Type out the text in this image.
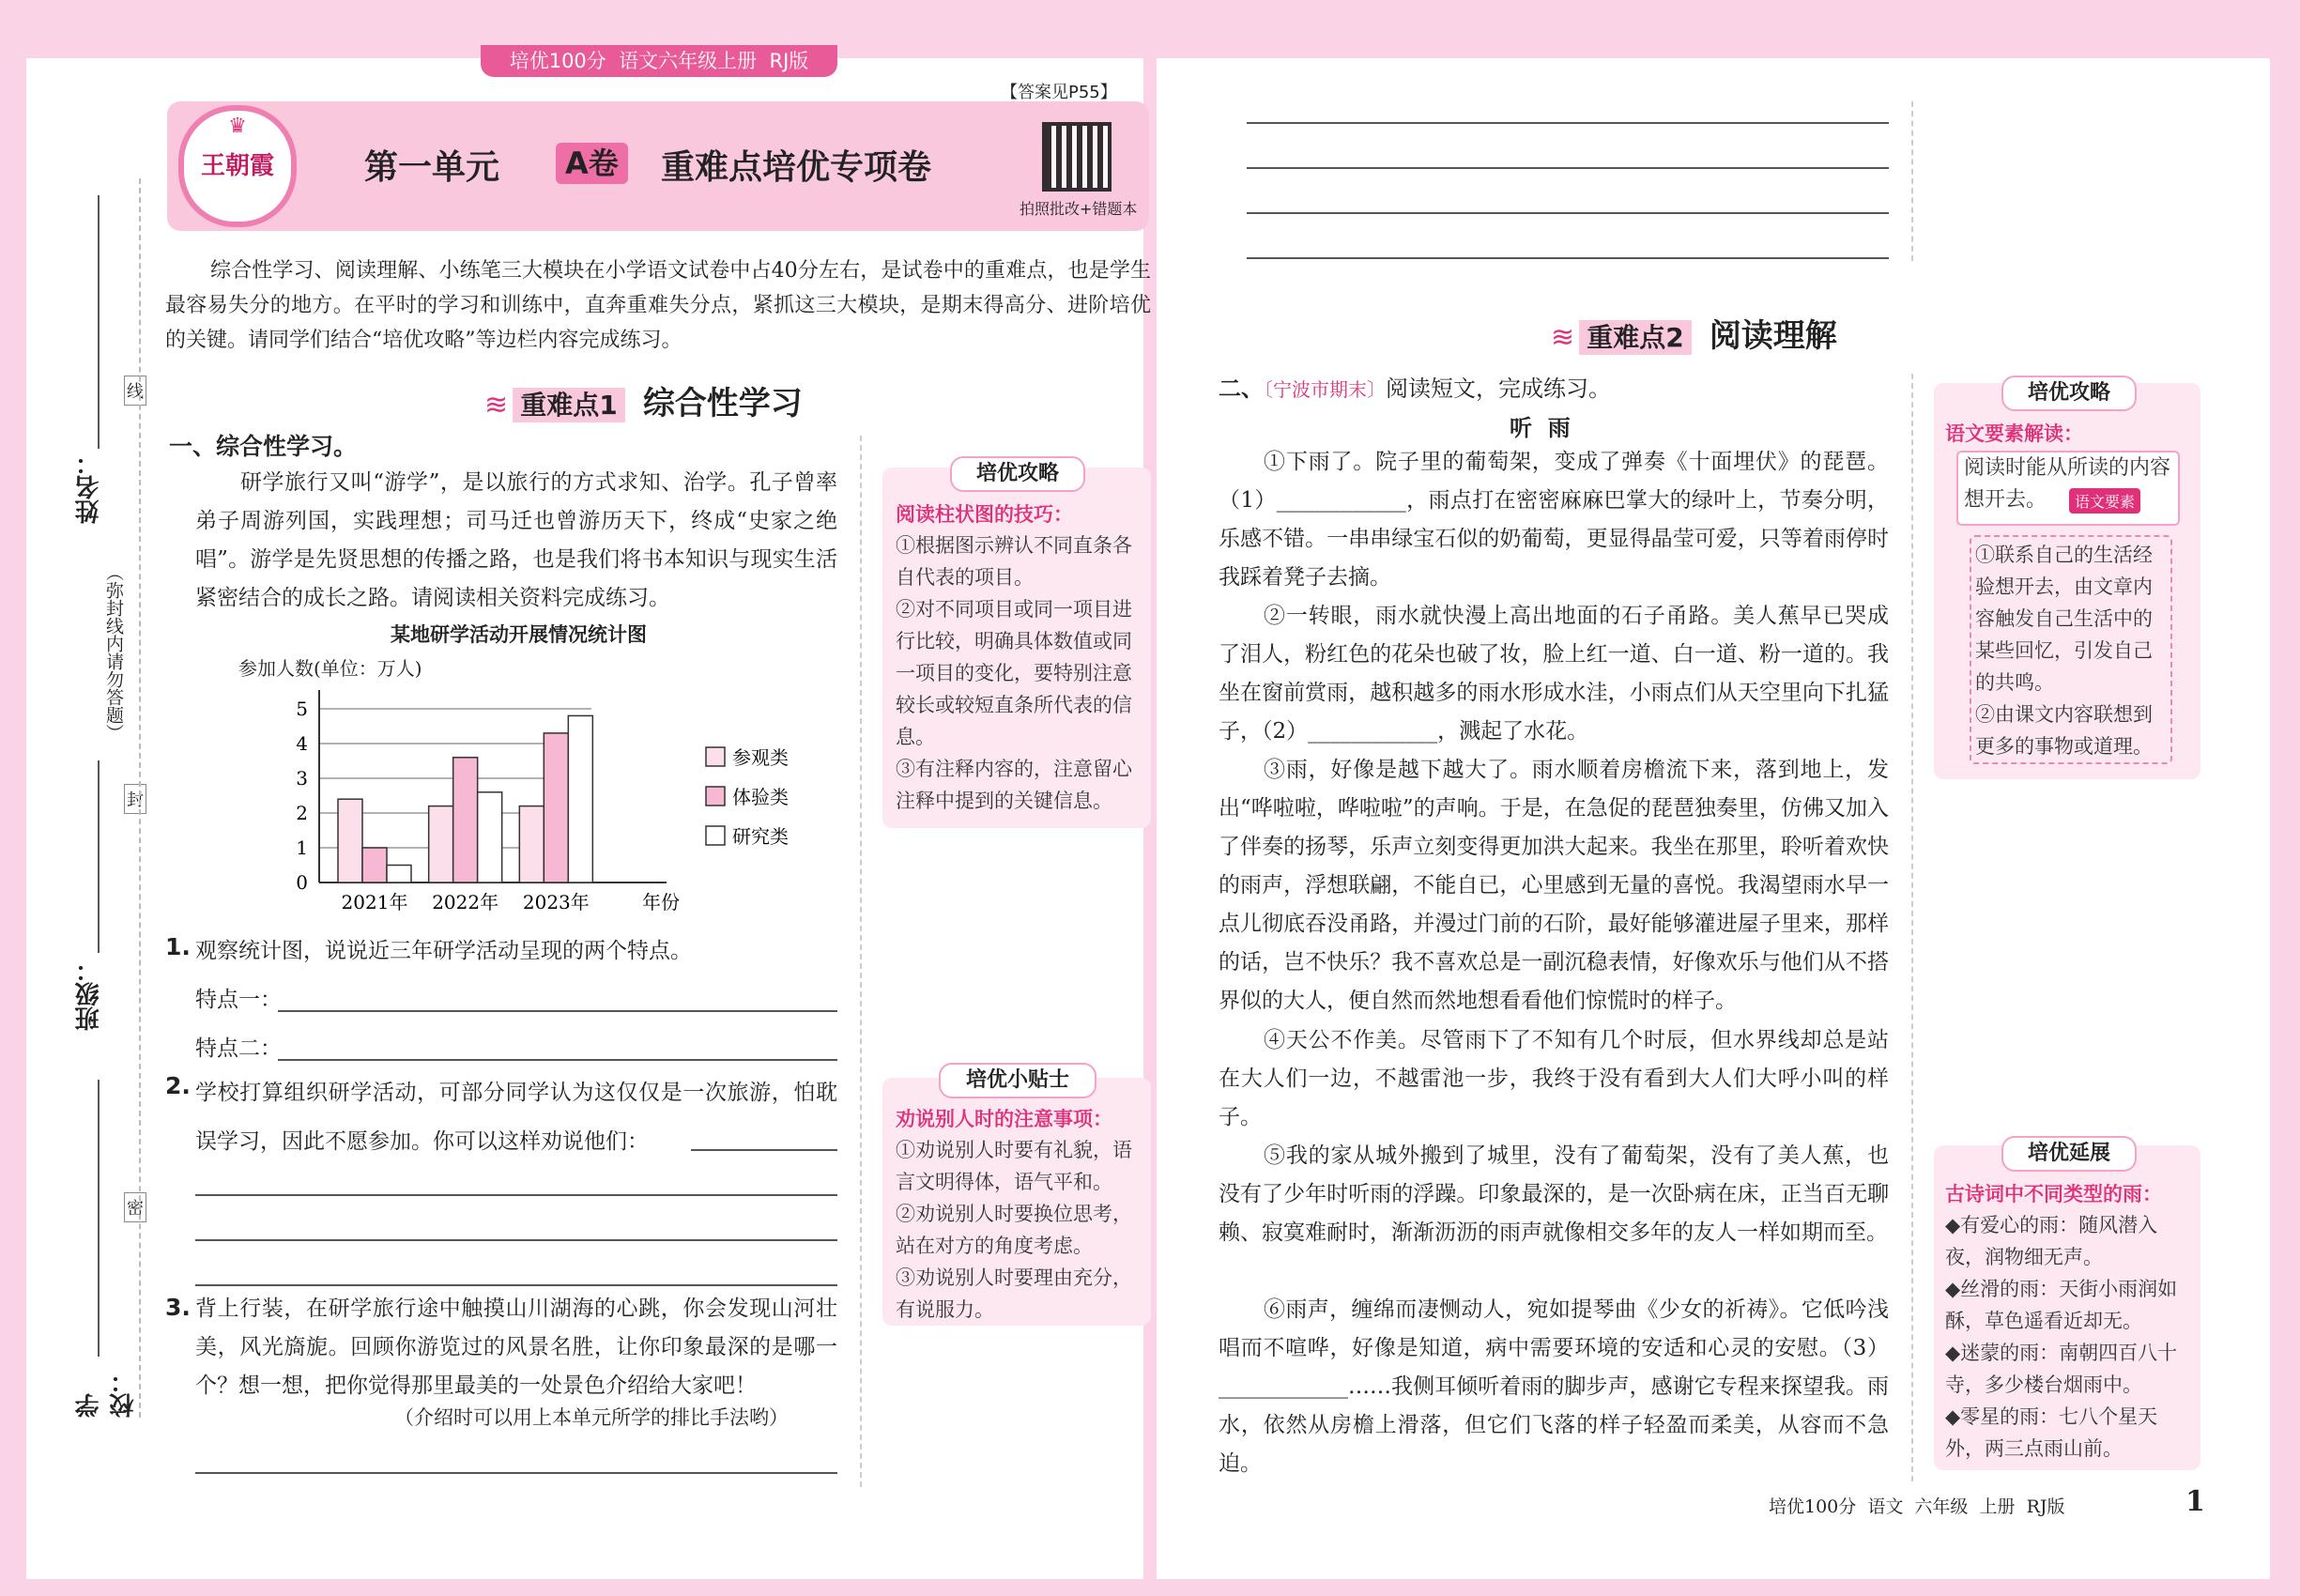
培优100分  语文六年级上册  RJ版
王朝霞
♛
第一单元	A卷 重难点培优专项卷
【答案见P55】
拍照批改+错题本
姓名：
线
（弥封线内请勿答题）
封
班级：
密
学校：

综合性学习、阅读理解、小练笔三大模块在小学语文试卷中占40分左右，是试卷中的重难点，也是学生最容易失分的地方。在平时的学习和训练中，直奔重难失分点，紧抓这三大模块，是期末得高分、进阶培优的关键。请同学们结合“培优攻略”等边栏内容完成练习。

≋ 重难点1 综合性学习
一、综合性学习。

研学旅行又叫“游学”，是以旅行的方式求知、治学。孔子曾率弟子周游列国，实践理想；司马迁也曾游历天下，终成“史家之绝唱”。游学是先贤思想的传播之路，也是我们将书本知识与现实生活紧密结合的成长之路。请阅读相关资料完成练习。

某地研学活动开展情况统计图
参加人数(单位：万人)
0
1
2
3
4
5
2021年 2022年 2023年	年份
参观类
体验类
研究类
1. 观察统计图，说说近三年研学活动呈现的两个特点。
特点一：
特点二：
2. 学校打算组织研学活动，可部分同学认为这仅仅是一次旅游，怕耽误学习，因此不愿参加。你可以这样劝说他们：

3. 背上行装，在研学旅行途中触摸山川湖海的心跳，你会发现山河壮美，风光旖旎。回顾你游览过的风景名胜，让你印象最深的是哪一个？想一想，把你觉得那里最美的一处景色介绍给大家吧！

（介绍时可以用上本单元所学的排比手法哟）
培优攻略
阅读柱状图的技巧：

①根据图示辨认不同直条各自代表的项目。

②对不同项目或同一项目进行比较，明确具体数值或同一项目的变化，要特别注意较长或较短直条所代表的信息。

③有注释内容的，注意留心注释中提到的关键信息。

培优小贴士
劝说别人时的注意事项：

①劝说别人时要有礼貌，语言文明得体，语气平和。

②劝说别人时要换位思考，站在对方的角度考虑。

③劝说别人时要理由充分，有说服力。

≋ 重难点2 阅读理解
二、〔宁波市期末〕阅读短文，完成练习。
听  雨

①下雨了。院子里的葡萄架，变成了弹奏《十面埋伏》的琵琶。（1）____________，雨点打在密密麻麻巴掌大的绿叶上，节奏分明，乐感不错。一串串绿宝石似的奶葡萄，更显得晶莹可爱，只等着雨停时我踩着凳子去摘。

②一转眼，雨水就快漫上高出地面的石子甬路。美人蕉早已哭成了泪人，粉红色的花朵也破了妆，脸上红一道、白一道、粉一道的。我坐在窗前赏雨，越积越多的雨水形成水洼，小雨点们从天空里向下扎猛子，（2）____________，溅起了水花。

③雨，好像是越下越大了。雨水顺着房檐流下来，落到地上，发出“哗啦啦，哗啦啦”的声响。于是，在急促的琵琶独奏里，仿佛又加入了伴奏的扬琴，乐声立刻变得更加洪大起来。我坐在那里，聆听着欢快的雨声，浮想联翩，不能自已，心里感到无量的喜悦。我渴望雨水早一点儿彻底吞没甬路，并漫过门前的石阶，最好能够灌进屋子里来，那样的话，岂不快乐？我不喜欢总是一副沉稳表情，好像欢乐与他们从不搭界似的大人，便自然而然地想看看他们惊慌时的样子。

④天公不作美。尽管雨下了不知有几个时辰，但水界线却总是站在大人们一边，不越雷池一步，我终于没有看到大人们大呼小叫的样子。

⑤我的家从城外搬到了城里，没有了葡萄架，没有了美人蕉，也没有了少年时听雨的浮躁。印象最深的，是一次卧病在床，正当百无聊赖、寂寞难耐时，渐渐沥沥的雨声就像相交多年的友人一样如期而至。

⑥雨声，缠绵而凄恻动人，宛如提琴曲《少女的祈祷》。它低吟浅唱而不喧哗，好像是知道，病中需要环境的安适和心灵的安慰。（3）____________……我侧耳倾听着雨的脚步声，感谢它专程来探望我。雨水，依然从房檐上滑落，但它们飞落的样子轻盈而柔美，从容而不急迫。

培优攻略
语文要素解读：

阅读时能从所读的内容想开去。	语文要素

①联系自己的生活经验想开去，由文章内容触发自己生活中的某些回忆，引发自己的共鸣。

②由课文内容联想到更多的事物或道理。

培优延展
古诗词中不同类型的雨：

◆有爱心的雨：随风潜入夜，润物细无声。

◆丝滑的雨：天街小雨润如酥，草色遥看近却无。

◆迷蒙的雨：南朝四百八十寺，多少楼台烟雨中。

◆零星的雨：七八个星天外，两三点雨山前。

培优100分  语文  六年级  上册  RJ版	1
